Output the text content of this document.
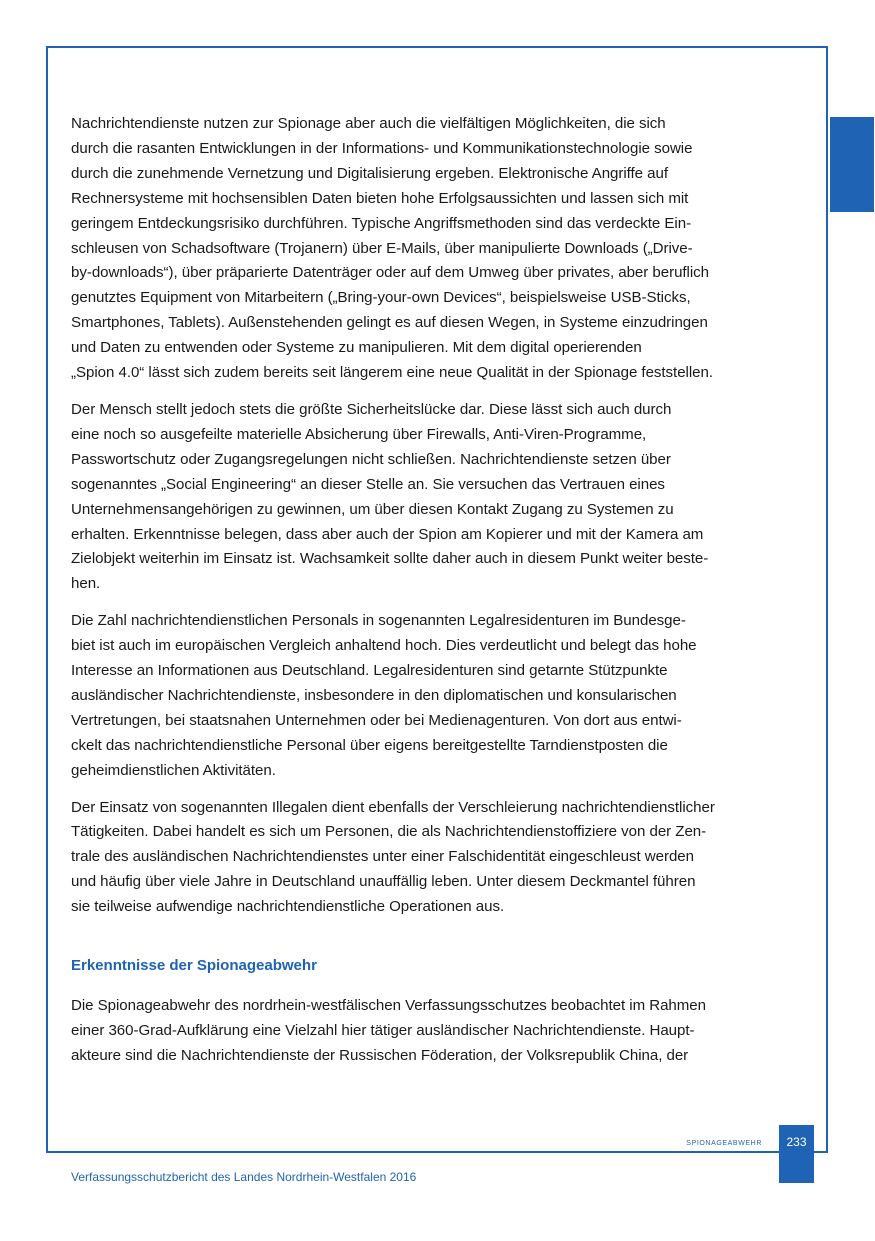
Nachrichtendienste nutzen zur Spionage aber auch die vielfältigen Möglichkeiten, die sich
durch die rasanten Entwicklungen in der Informations- und Kommunikationstechnologie sowie
durch die zunehmende Vernetzung und Digitalisierung ergeben. Elektronische Angriffe auf
Rechnersysteme mit hochsensiblen Daten bieten hohe Erfolgsaussichten und lassen sich mit
geringem Entdeckungsrisiko durchführen. Typische Angriffsmethoden sind das verdeckte Ein-
schleusen von Schadsoftware (Trojanern) über E-Mails, über manipulierte Downloads („Drive-
by-downloads“), über präparierte Datenträger oder auf dem Umweg über privates, aber beruflich
genutztes Equipment von Mitarbeitern („Bring-your-own Devices“, beispielsweise USB-Sticks,
Smartphones, Tablets). Außenstehenden gelingt es auf diesen Wegen, in Systeme einzudringen
und Daten zu entwenden oder Systeme zu manipulieren. Mit dem digital operierenden
„Spion 4.0“ lässt sich zudem bereits seit längerem eine neue Qualität in der Spionage feststellen.

Der Mensch stellt jedoch stets die größte Sicherheitslücke dar. Diese lässt sich auch durch
eine noch so ausgefeilte materielle Absicherung über Firewalls, Anti-Viren-Programme,
Passwortschutz oder Zugangsregelungen nicht schließen. Nachrichtendienste setzen über
sogenanntes „Social Engineering“ an dieser Stelle an. Sie versuchen das Vertrauen eines
Unternehmensangehörigen zu gewinnen, um über diesen Kontakt Zugang zu Systemen zu
erhalten. Erkenntnisse belegen, dass aber auch der Spion am Kopierer und mit der Kamera am
Zielobjekt weiterhin im Einsatz ist. Wachsamkeit sollte daher auch in diesem Punkt weiter beste-
hen.

Die Zahl nachrichtendienstlichen Personals in sogenannten Legalresidenturen im Bundesge-
biet ist auch im europäischen Vergleich anhaltend hoch. Dies verdeutlicht und belegt das hohe
Interesse an Informationen aus Deutschland. Legalresidenturen sind getarnte Stützpunkte
ausländischer Nachrichtendienste, insbesondere in den diplomatischen und konsularischen
Vertretungen, bei staatsnahen Unternehmen oder bei Medienagenturen. Von dort aus entwi-
ckelt das nachrichtendienstliche Personal über eigens bereitgestellte Tarndienstposten die
geheimdienstlichen Aktivitäten.

Der Einsatz von sogenannten Illegalen dient ebenfalls der Verschleierung nachrichtendienstlicher
Tätigkeiten. Dabei handelt es sich um Personen, die als Nachrichtendienstoffiziere von der Zen-
trale des ausländischen Nachrichtendienstes unter einer Falschidentität eingeschleust werden
und häufig über viele Jahre in Deutschland unauffällig leben. Unter diesem Deckmantel führen
sie teilweise aufwendige nachrichtendienstliche Operationen aus.

Erkenntnisse der Spionageabwehr

Die Spionageabwehr des nordrhein-westfälischen Verfassungsschutzes beobachtet im Rahmen
einer 360-Grad-Aufklärung eine Vielzahl hier tätiger ausländischer Nachrichtendienste. Haupt-
akteure sind die Nachrichtendienste der Russischen Föderation, der Volksrepublik China, der

spionageabwehr	233
Verfassungsschutzbericht des Landes Nordrhein-Westfalen 2016
